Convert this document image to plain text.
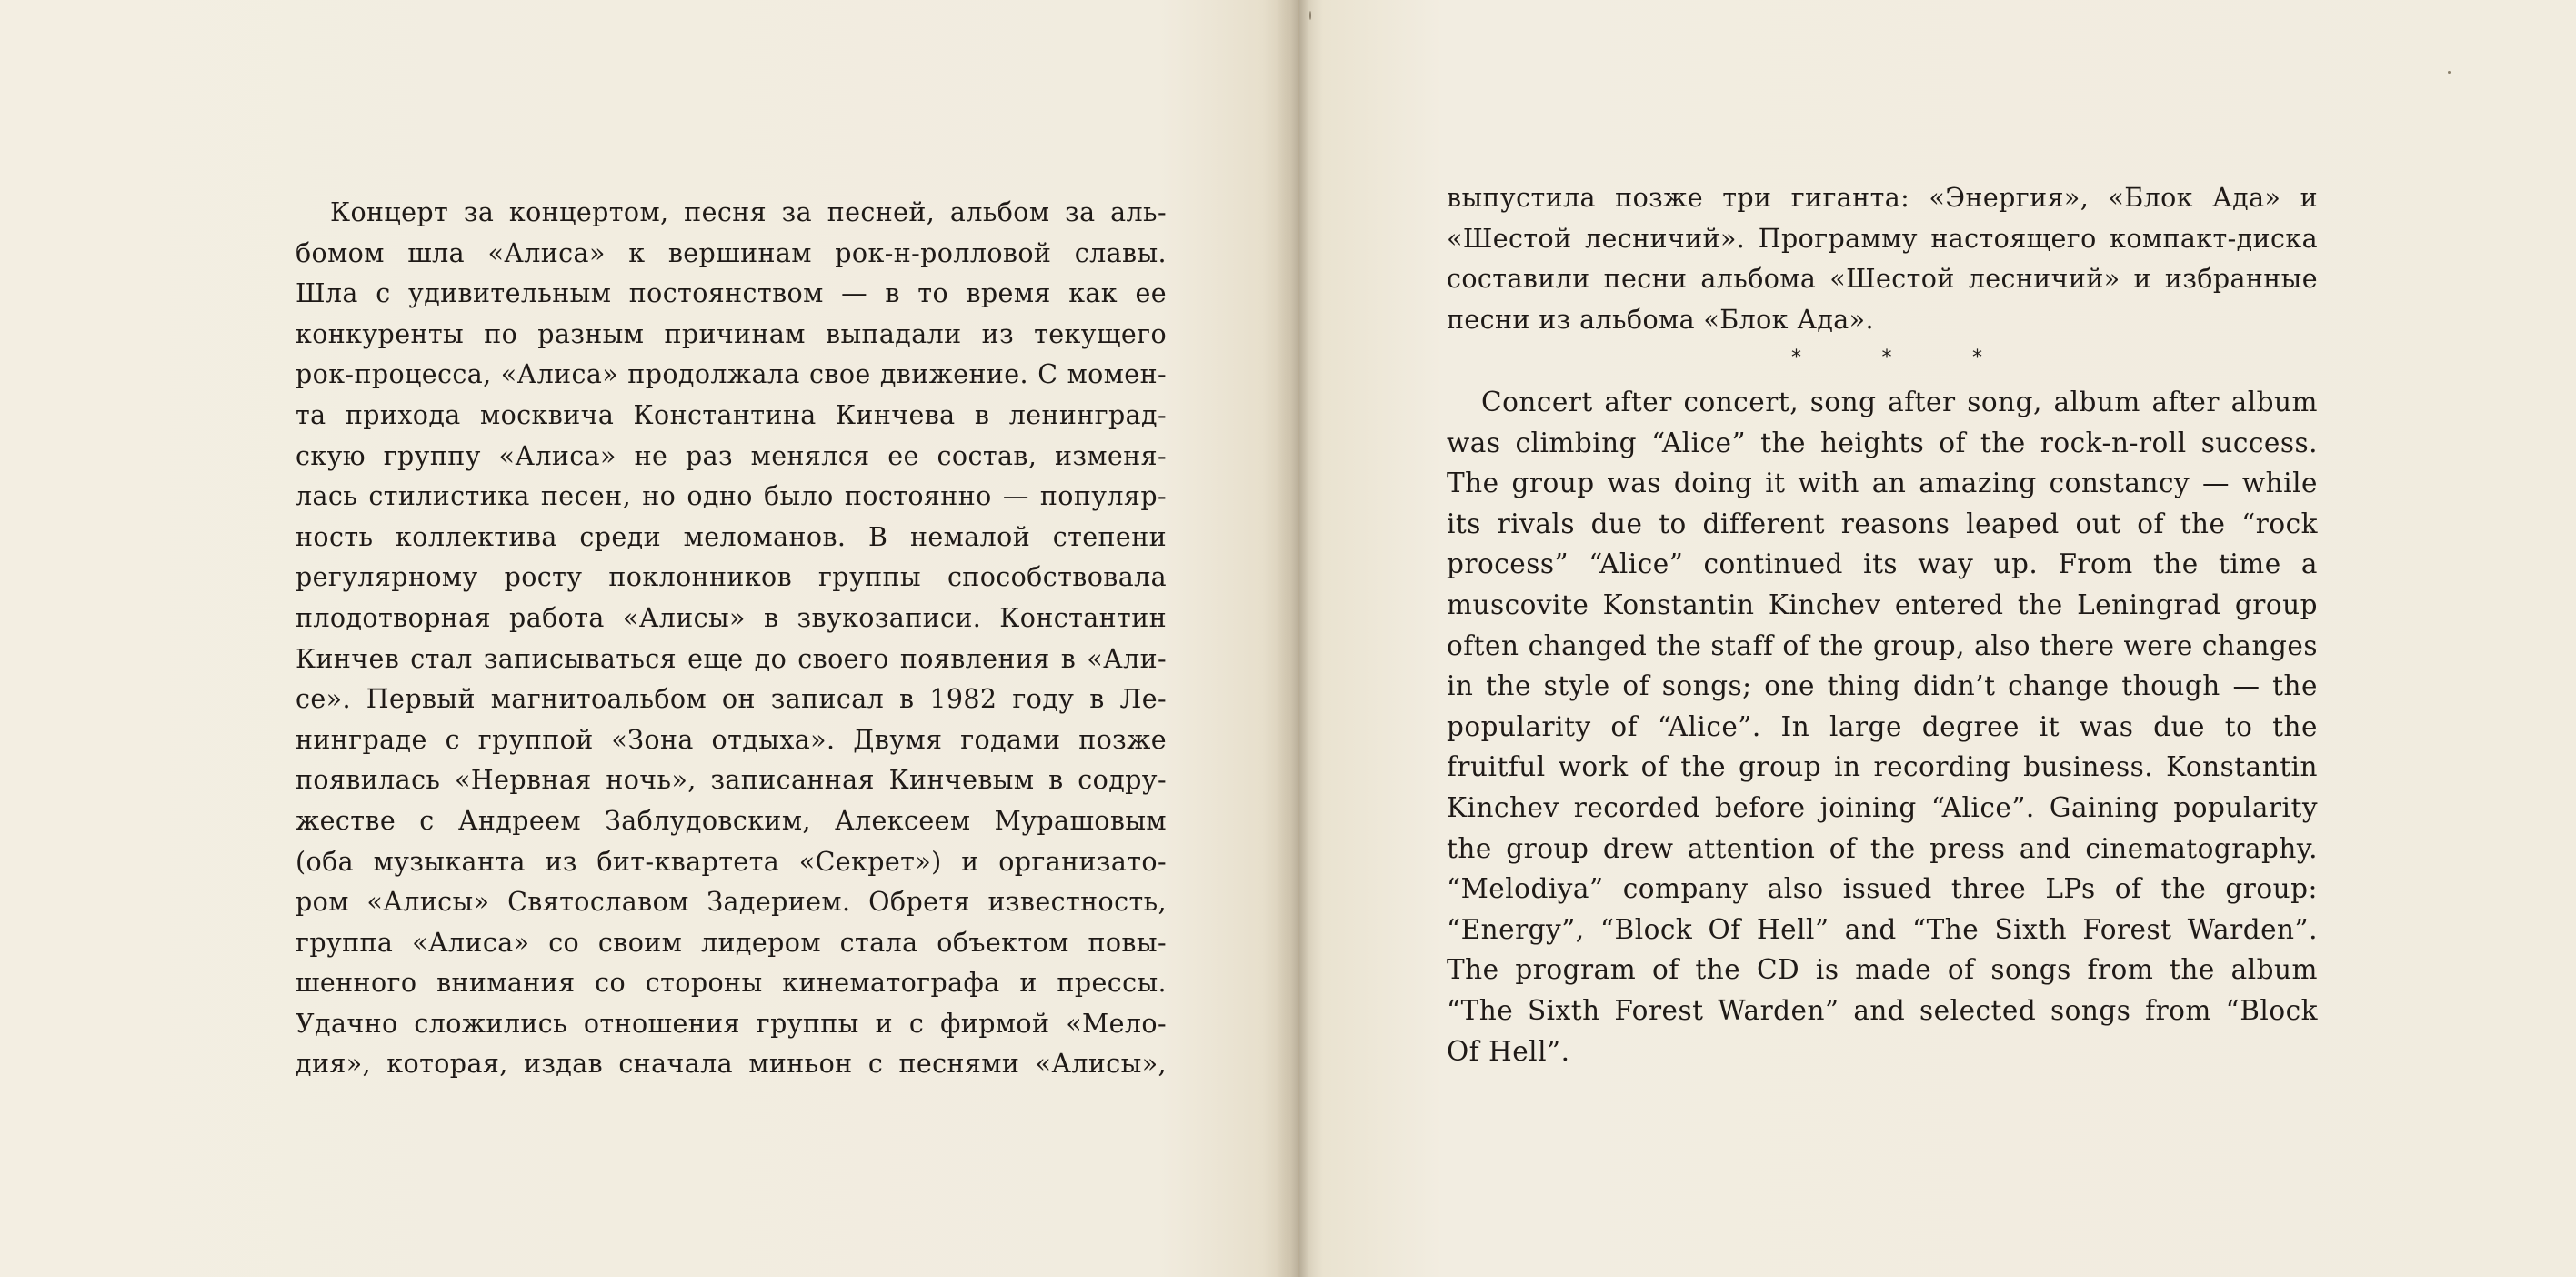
Концерт за концертом, песня за песней, альбом за аль-
бомом шла «Алиса» к вершинам рок-н-ролловой славы.
Шла с удивительным постоянством — в то время как ее
конкуренты по разным причинам выпадали из текущего
рок-процесса, «Алиса» продолжала свое движение. С момен-
та прихода москвича Константина Кинчева в ленинград-
скую группу «Алиса» не раз менялся ее состав, изменя-
лась стилистика песен, но одно было постоянно — популяр-
ность коллектива среди меломанов. В немалой степени
регулярному росту поклонников группы способствовала
плодотворная работа «Алисы» в звукозаписи. Константин
Кинчев стал записываться еще до своего появления в «Али-
се». Первый магнитоальбом он записал в 1982 году в Ле-
нинграде с группой «Зона отдыха». Двумя годами позже
появилась «Нервная ночь», записанная Кинчевым в содру-
жестве с Андреем Заблудовским, Алексеем Мурашовым
(оба музыканта из бит-квартета «Секрет») и организато-
ром «Алисы» Святославом Задерием. Обретя известность,
группа «Алиса» со своим лидером стала объектом повы-
шенного внимания со стороны кинематографа и прессы.
Удачно сложились отношения группы и с фирмой «Мело-
дия», которая, издав сначала миньон с песнями «Алисы»,
выпустила позже три гиганта: «Энергия», «Блок Ада» и
«Шестой лесничий». Программу настоящего компакт-диска
составили песни альбома «Шестой лесничий» и избранные
песни из альбома «Блок Ада».
*	*	*
Concert after concert, song after song, album after album
was climbing “Alice” the heights of the rock-n-roll success.
The group was doing it with an amazing constancy — while
its rivals due to different reasons leaped out of the “rock
process” “Alice” continued its way up. From the time a
muscovite Konstantin Kinchev entered the Leningrad group
often changed the staff of the group, also there were changes
in the style of songs; one thing didn’t change though — the
popularity of “Alice”. In large degree it was due to the
fruitful work of the group in recording business. Konstantin
Kinchev recorded before joining “Alice”. Gaining popularity
the group drew attention of the press and cinematography.
“Melodiya” company also issued three LPs of the group:
“Energy”, “Block Of Hell” and “The Sixth Forest Warden”.
The program of the CD is made of songs from the album
“The Sixth Forest Warden” and selected songs from “Block
Of Hell”.
